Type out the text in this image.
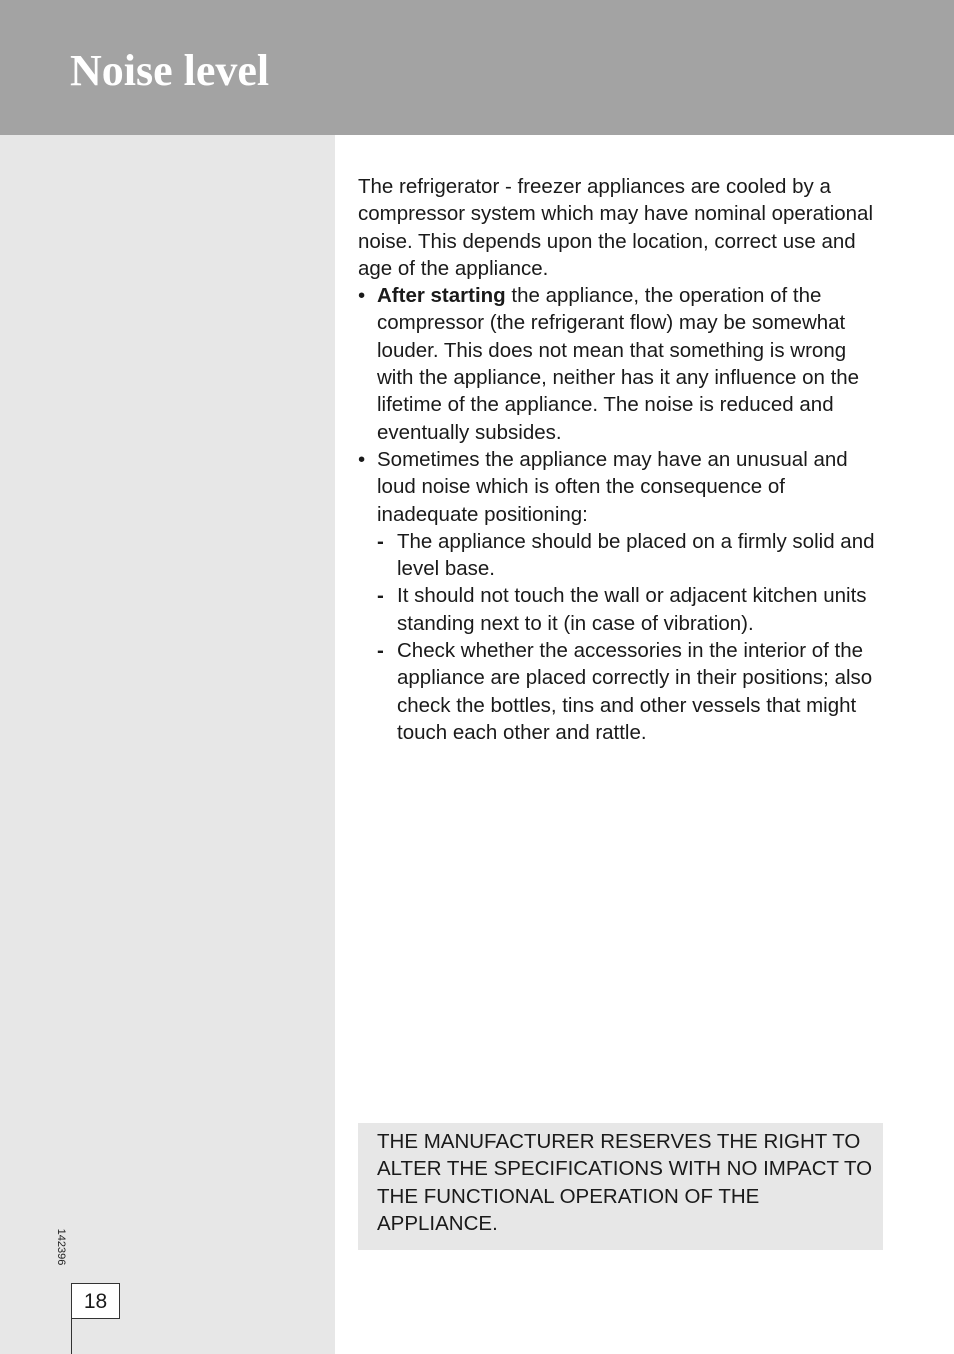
Noise level
142396
18

The refrigerator - freezer appliances are cooled by a compressor system which may have nominal operational noise. This depends upon the location, correct use and age of the appliance.

• After starting the appliance, the operation of the compressor (the refrigerant flow) may be somewhat louder. This does not mean that something is wrong with the appliance, neither has it any influence on the lifetime of the appliance. The noise is reduced and eventually subsides.
• Sometimes the appliance may have an unusual and loud noise which is often the consequence of inadequate positioning:
- The appliance should be placed on a firmly solid and level base.
- It should not touch the wall or adjacent kitchen units standing next to it (in case of vibration).
- Check whether the accessories in the interior of the appliance are placed correctly in their positions; also check the bottles, tins and other vessels that might touch each other and rattle.
THE MANUFACTURER RESERVES THE RIGHT TO ALTER THE SPECIFICATIONS WITH NO IMPACT TO THE FUNCTIONAL OPERATION OF THE APPLIANCE.
